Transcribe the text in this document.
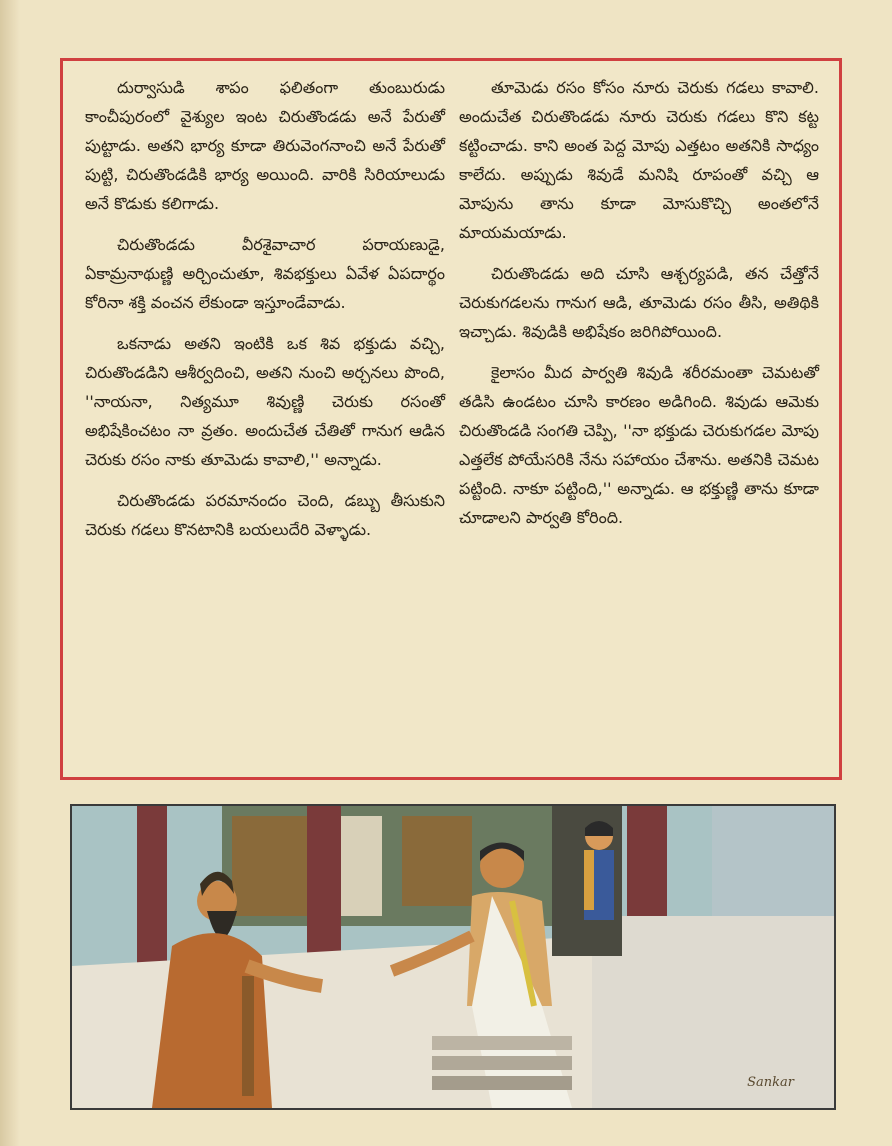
దుర్వాసుడి శాపం ఫలితంగా తుంబురుడు కాంచీపురంలో వైశ్యుల ఇంట చిరుతొండడు అనే పేరుతో పుట్టాడు. అతని భార్య కూడా తిరువెంగనాంచి అనే పేరుతో పుట్టి, చిరుతొండడికి భార్య అయింది. వారికి సిరియాలుడు అనే కొడుకు కలిగాడు.

చిరుతొండడు వీరశైవాచార పరాయణుడై, ఏకామ్రనాథుణ్ణి అర్చించుతూ, శివభక్తులు ఏవేళ ఏపదార్థం కోరినా శక్తి వంచన లేకుండా ఇస్తూండేవాడు.

ఒకనాడు అతని ఇంటికి ఒక శివ భక్తుడు వచ్చి, చిరుతొండడిని ఆశీర్వదించి, అతని నుంచి అర్చనలు పొంది, ''నాయనా, నిత్యమూ శివుణ్ణి చెరుకు రసంతో అభిషేకించటం నా వ్రతం. అందుచేత చేతితో గానుగ ఆడిన చెరుకు రసం నాకు తూమెడు కావాలి,'' అన్నాడు.

చిరుతొండడు పరమానందం చెంది, డబ్బు తీసుకుని చెరుకు గడలు కొనటానికి బయలుదేరి వెళ్ళాడు.

తూమెడు రసం కోసం నూరు చెరుకు గడలు కావాలి. అందుచేత చిరుతొండడు నూరు చెరుకు గడలు కొని కట్ట కట్టించాడు. కాని అంత పెద్ద మోపు ఎత్తటం అతనికి సాధ్యం కాలేదు. అప్పుడు శివుడే మనిషి రూపంతో వచ్చి ఆ మోపును తాను కూడా మోసుకొచ్చి అంతలోనే మాయమయాడు.

చిరుతొండడు అది చూసి ఆశ్చర్యపడి, తన చేత్తోనే చెరుకుగడలను గానుగ ఆడి, తూమెడు రసం తీసి, అతిథికి ఇచ్చాడు. శివుడికి అభిషేకం జరిగిపోయింది.

కైలాసం మీద పార్వతి శివుడి శరీరమంతా చెమటతో తడిసి ఉండటం చూసి కారణం అడిగింది. శివుడు ఆమెకు చిరుతొండడి సంగతి చెప్పి, ''నా భక్తుడు చెరుకుగడల మోపు ఎత్తలేక పోయేసరికి నేను సహాయం చేశాను. అతనికి చెమట పట్టింది. నాకూ పట్టింది,'' అన్నాడు. ఆ భక్తుణ్ణి తాను కూడా చూడాలని పార్వతి కోరింది.

Sankar
